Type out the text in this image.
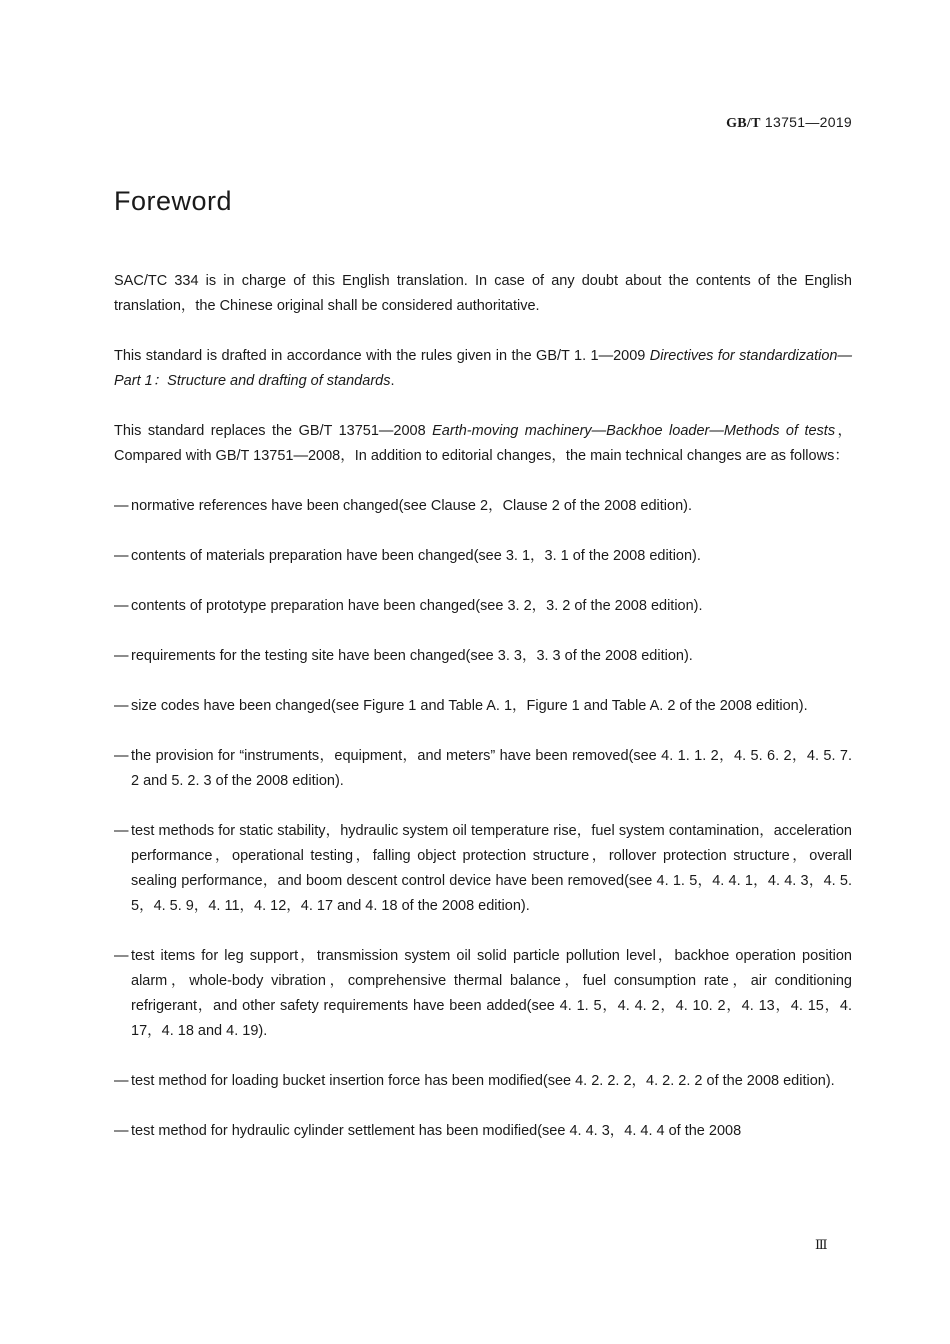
GB/T 13751—2019
Foreword

SAC/TC 334 is in charge of this English translation. In case of any doubt about the contents of the English translation，the Chinese original shall be considered authoritative.

This standard is drafted in accordance with the rules given in the GB/T 1. 1—2009 Directives for standardization—Part 1：Structure and drafting of standards.

This standard replaces the GB/T 13751—2008 Earth-moving machinery—Backhoe loader—Methods of tests，Compared with GB/T 13751—2008，In addition to editorial changes，the main technical changes are as follows：

— normative references have been changed(see Clause 2，Clause 2 of the 2008 edition).
— contents of materials preparation have been changed(see 3. 1，3. 1 of the 2008 edition).
— contents of prototype preparation have been changed(see 3. 2，3. 2 of the 2008 edition).
— requirements for the testing site have been changed(see 3. 3，3. 3 of the 2008 edition).
— size codes have been changed(see Figure 1 and Table A. 1，Figure 1 and Table A. 2 of the 2008 edition).
— the provision for “instruments，equipment，and meters” have been removed(see 4. 1. 1. 2，4. 5. 6. 2，4. 5. 7. 2 and 5. 2. 3 of the 2008 edition).
— test methods for static stability，hydraulic system oil temperature rise，fuel system contamination，acceleration performance，operational testing，falling object protection structure，rollover protection structure，overall sealing performance，and boom descent control device have been removed(see 4. 1. 5，4. 4. 1，4. 4. 3，4. 5. 5，4. 5. 9，4. 11，4. 12，4. 17 and 4. 18 of the 2008 edition).
— test items for leg support，transmission system oil solid particle pollution level，backhoe operation position alarm，whole-body vibration，comprehensive thermal balance，fuel consumption rate，air conditioning refrigerant，and other safety requirements have been added(see 4. 1. 5，4. 4. 2，4. 10. 2，4. 13，4. 15，4. 17，4. 18 and 4. 19).
— test method for loading bucket insertion force has been modified(see 4. 2. 2. 2，4. 2. 2. 2 of the 2008 edition).
— test method for hydraulic cylinder settlement has been modified(see 4. 4. 3，4. 4. 4 of the 2008
Ⅲ
